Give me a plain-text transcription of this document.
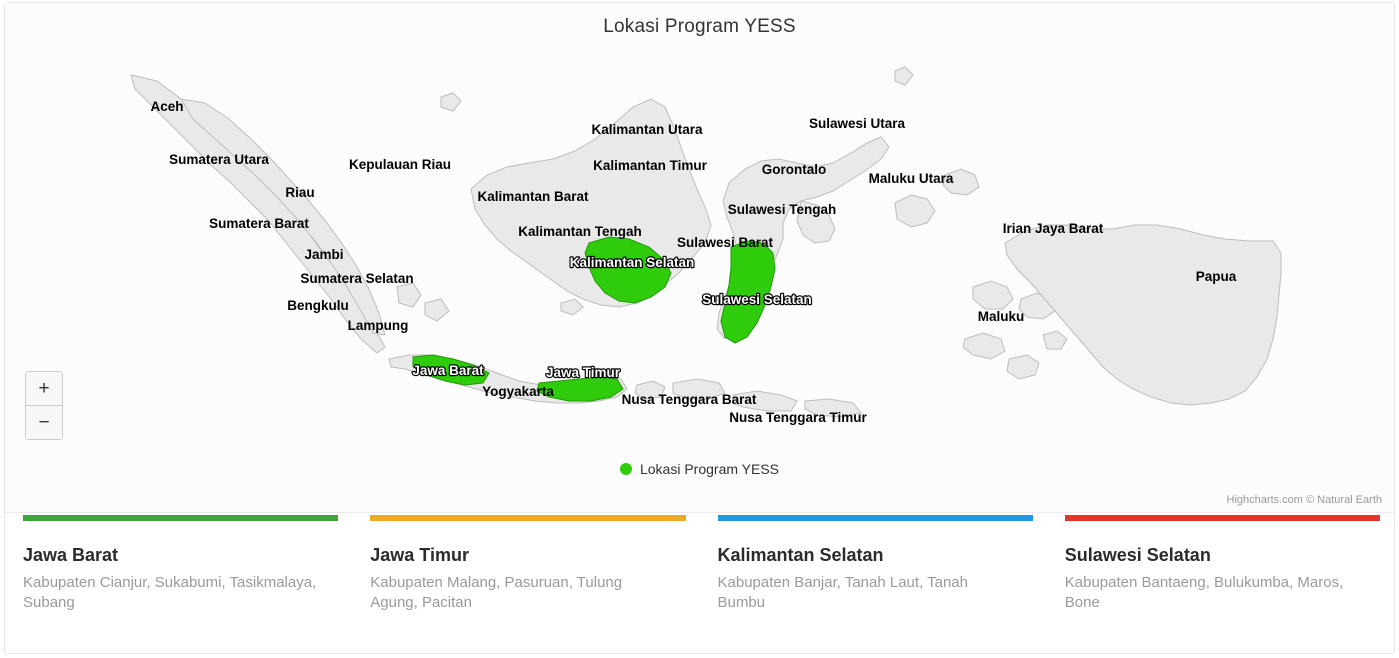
Lokasi Program YESS
Aceh
Sumatera Utara
Riau
Kepulauan Riau
Sumatera Barat
Jambi
Sumatera Selatan
Bengkulu
Lampung
Kalimantan Utara
Kalimantan Timur
Kalimantan Barat
Kalimantan Tengah
Kalimantan Selatan
Sulawesi Utara
Gorontalo
Maluku Utara
Sulawesi Tengah
Sulawesi Barat
Sulawesi Selatan
Irian Jaya Barat
Papua
Maluku
Jawa Barat	Jawa Timur
Yogyakarta
Nusa Tenggara Barat
Nusa Tenggara Timur
+
−
Lokasi Program YESS
Highcharts.com © Natural Earth
Jawa Barat
Kabupaten Cianjur, Sukabumi, Tasikmalaya, Subang
Jawa Timur
Kabupaten Malang, Pasuruan, Tulung Agung, Pacitan
Kalimantan Selatan
Kabupaten Banjar, Tanah Laut, Tanah Bumbu
Sulawesi Selatan
Kabupaten Bantaeng, Bulukumba, Maros, Bone
